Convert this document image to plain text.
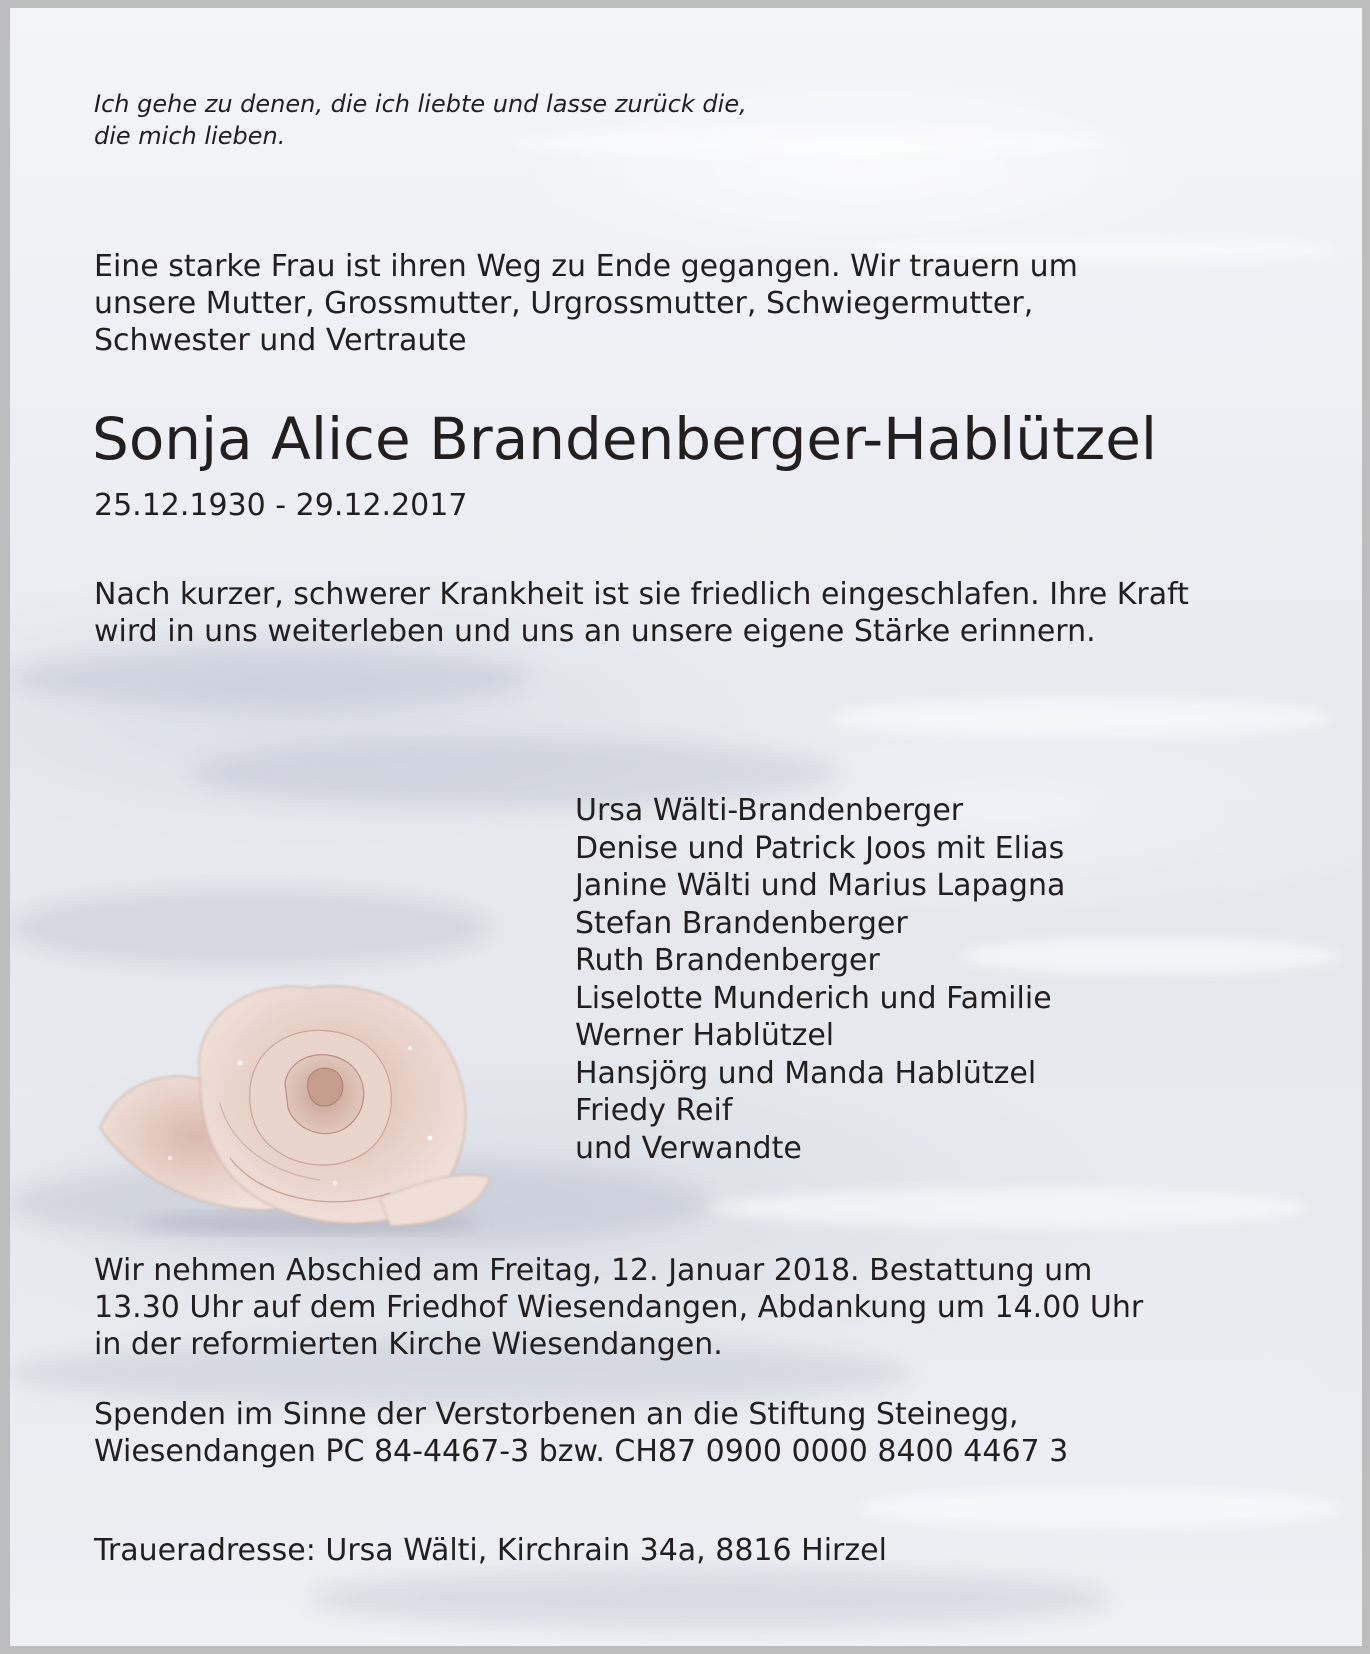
Ich gehe zu denen, die ich liebte und lasse zurück die,
die mich lieben.
Eine starke Frau ist ihren Weg zu Ende gegangen. Wir trauern um
unsere Mutter, Grossmutter, Urgrossmutter, Schwiegermutter,
Schwester und Vertraute
Sonja Alice Brandenberger-Hablützel
25.12.1930 - 29.12.2017
Nach kurzer, schwerer Krankheit ist sie friedlich eingeschlafen. Ihre Kraft
wird in uns weiterleben und uns an unsere eigene Stärke erinnern.
Ursa Wälti-Brandenberger
Denise und Patrick Joos mit Elias
Janine Wälti und Marius Lapagna
Stefan Brandenberger
Ruth Brandenberger
Liselotte Munderich und Familie
Werner Hablützel
Hansjörg und Manda Hablützel
Friedy Reif
und Verwandte
Wir nehmen Abschied am Freitag, 12. Januar 2018. Bestattung um
13.30 Uhr auf dem Friedhof Wiesendangen, Abdankung um 14.00 Uhr
in der reformierten Kirche Wiesendangen.
Spenden im Sinne der Verstorbenen an die Stiftung Steinegg,
Wiesendangen PC 84-4467-3 bzw. CH87 0900 0000 8400 4467 3
Traueradresse: Ursa Wälti, Kirchrain 34a, 8816 Hirzel
